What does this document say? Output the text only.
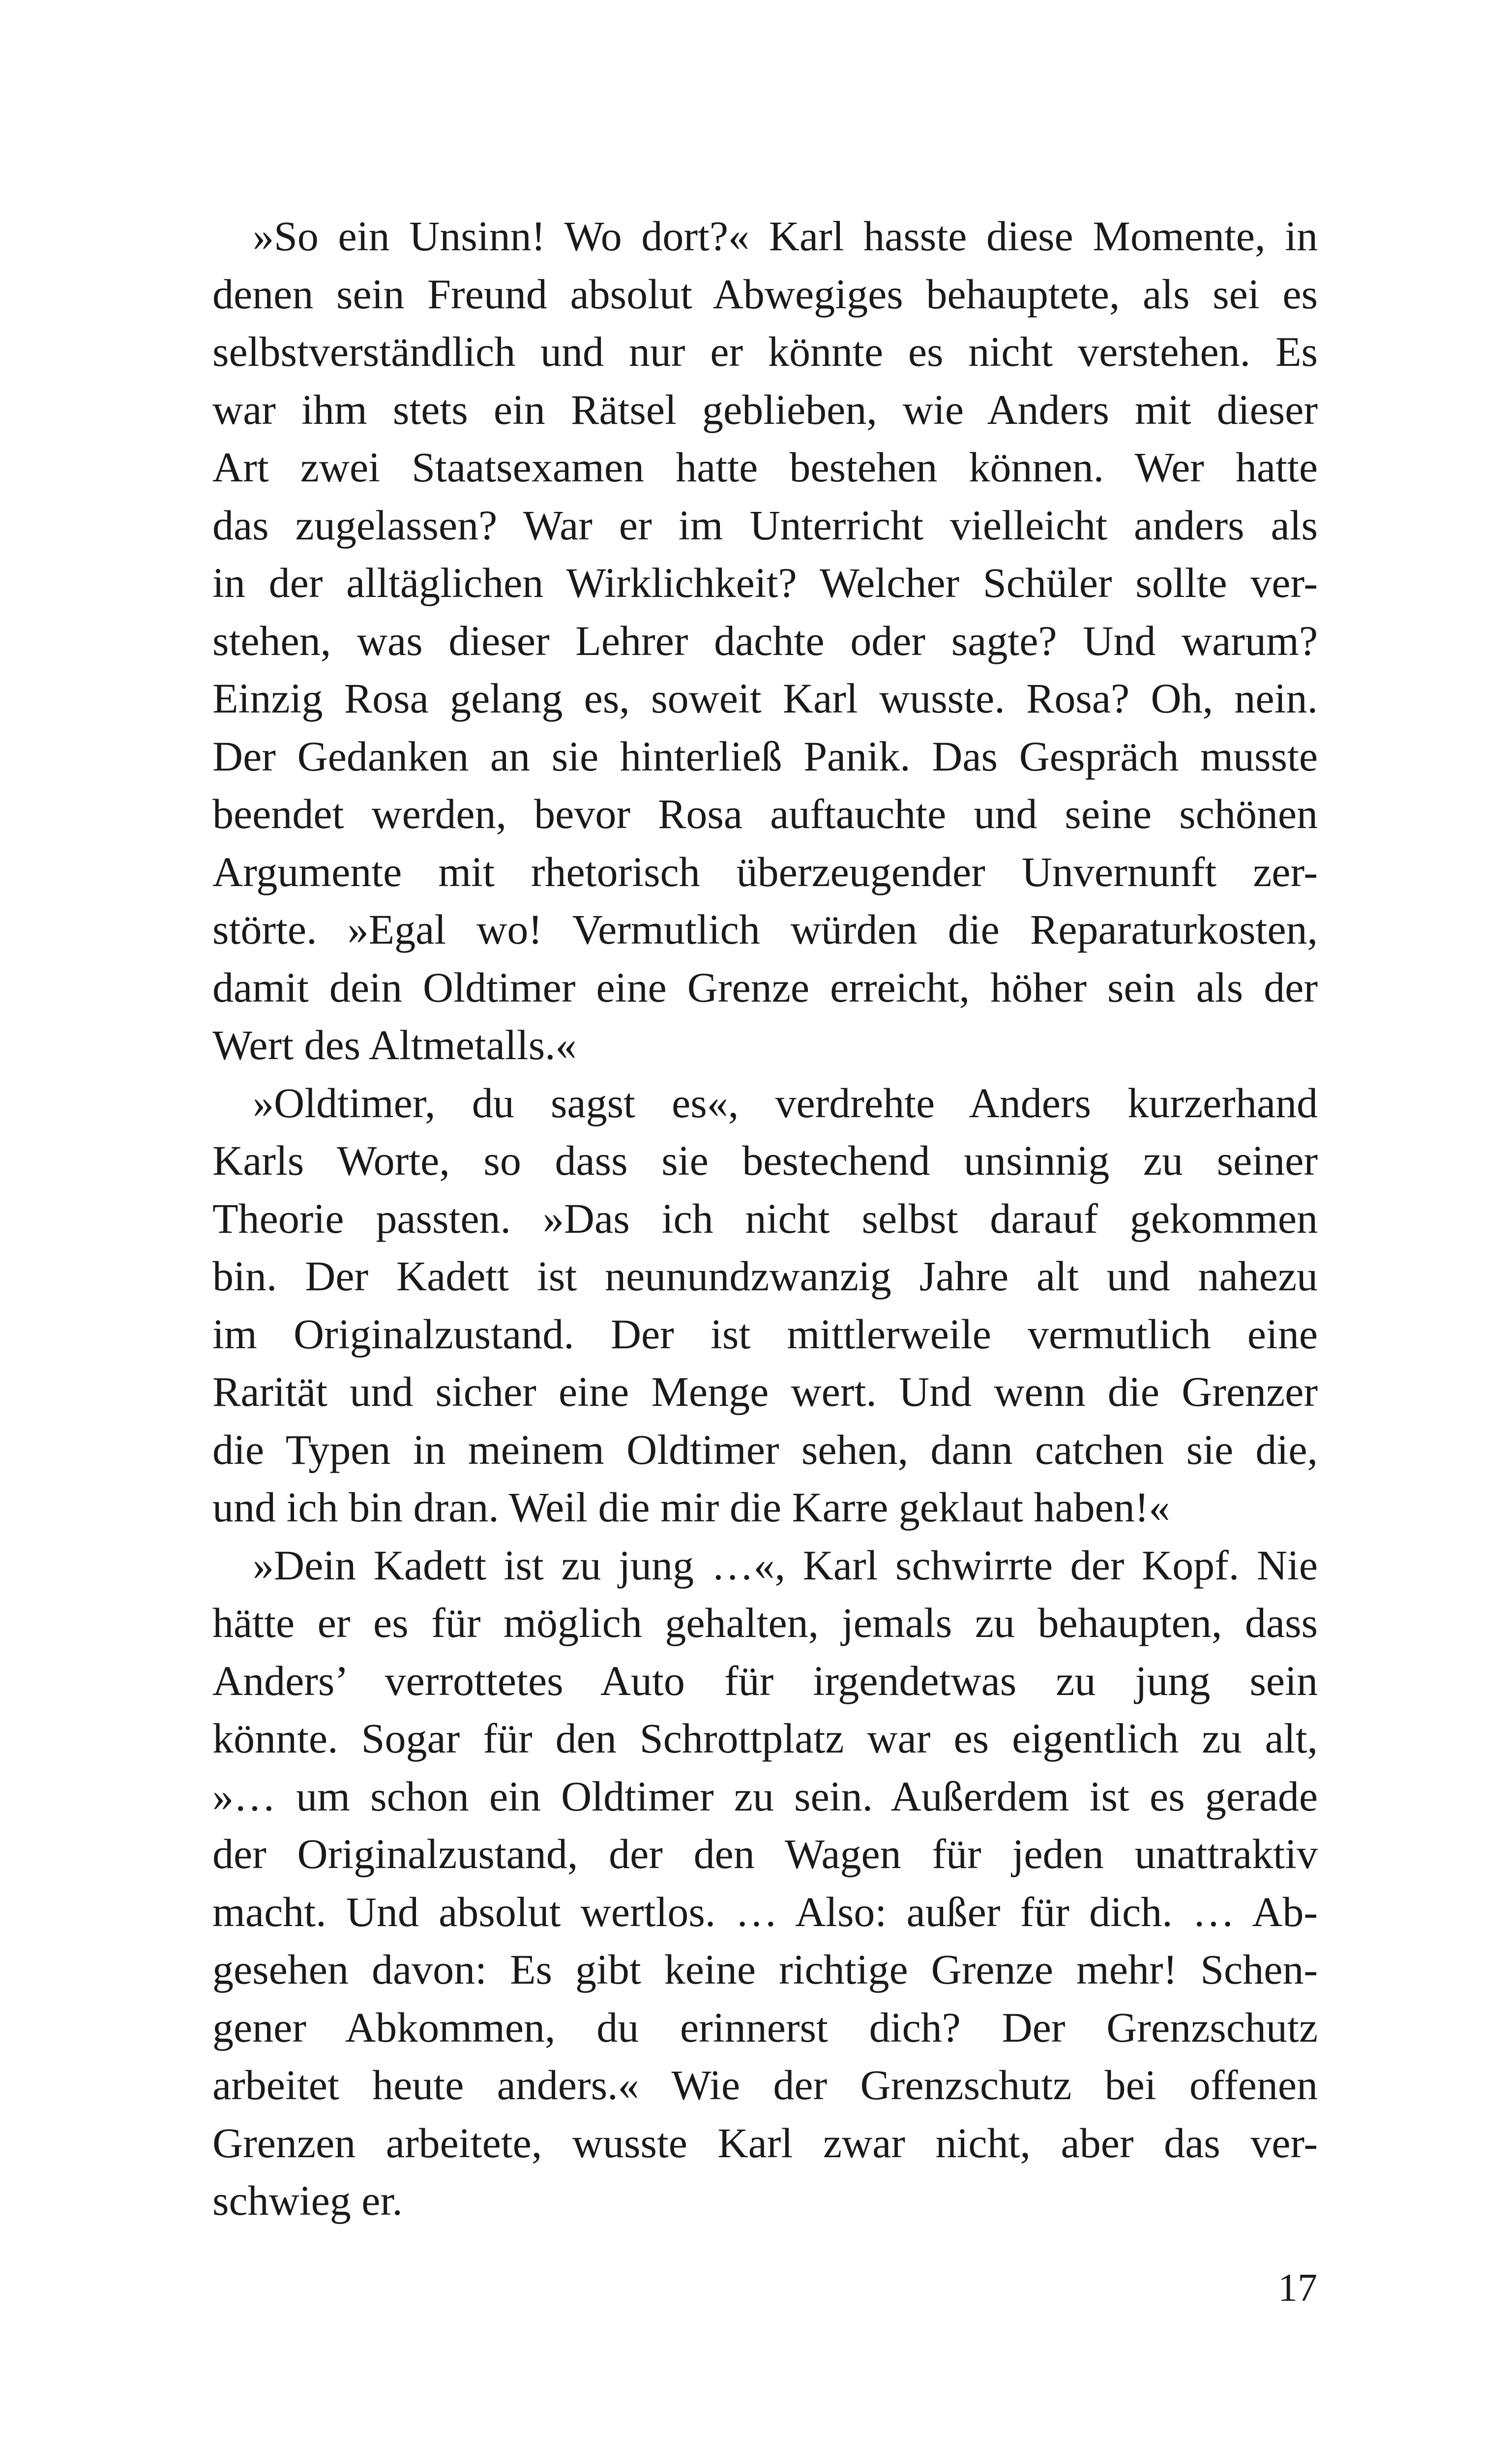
»So ein Unsinn! Wo dort?« Karl hasste diese Momente, in
denen sein Freund absolut Abwegiges behauptete, als sei es
selbstverständlich und nur er könnte es nicht verstehen. Es
war ihm stets ein Rätsel geblieben, wie Anders mit dieser
Art zwei Staatsexamen hatte bestehen können. Wer hatte
das zugelassen? War er im Unterricht vielleicht anders als
in der alltäglichen Wirklichkeit? Welcher Schüler sollte ver-
stehen, was dieser Lehrer dachte oder sagte? Und warum?
Einzig Rosa gelang es, soweit Karl wusste. Rosa? Oh, nein.
Der Gedanken an sie hinterließ Panik. Das Gespräch musste
beendet werden, bevor Rosa auftauchte und seine schönen
Argumente mit rhetorisch überzeugender Unvernunft zer-
störte. »Egal wo! Vermutlich würden die Reparaturkosten,
damit dein Oldtimer eine Grenze erreicht, höher sein als der
Wert des Altmetalls.«
»Oldtimer, du sagst es«, verdrehte Anders kurzerhand
Karls Worte, so dass sie bestechend unsinnig zu seiner
Theorie passten. »Das ich nicht selbst darauf gekommen
bin. Der Kadett ist neunundzwanzig Jahre alt und nahezu
im Originalzustand. Der ist mittlerweile vermutlich eine
Rarität und sicher eine Menge wert. Und wenn die Grenzer
die Typen in meinem Oldtimer sehen, dann catchen sie die,
und ich bin dran. Weil die mir die Karre geklaut haben!«
»Dein Kadett ist zu jung …«, Karl schwirrte der Kopf. Nie
hätte er es für möglich gehalten, jemals zu behaupten, dass
Anders’ verrottetes Auto für irgendetwas zu jung sein
könnte. Sogar für den Schrottplatz war es eigentlich zu alt,
»… um schon ein Oldtimer zu sein. Außerdem ist es gerade
der Originalzustand, der den Wagen für jeden unattraktiv
macht. Und absolut wertlos. … Also: außer für dich. … Ab-
gesehen davon: Es gibt keine richtige Grenze mehr! Schen-
gener Abkommen, du erinnerst dich? Der Grenzschutz
arbeitet heute anders.« Wie der Grenzschutz bei offenen
Grenzen arbeitete, wusste Karl zwar nicht, aber das ver-
schwieg er.
17
